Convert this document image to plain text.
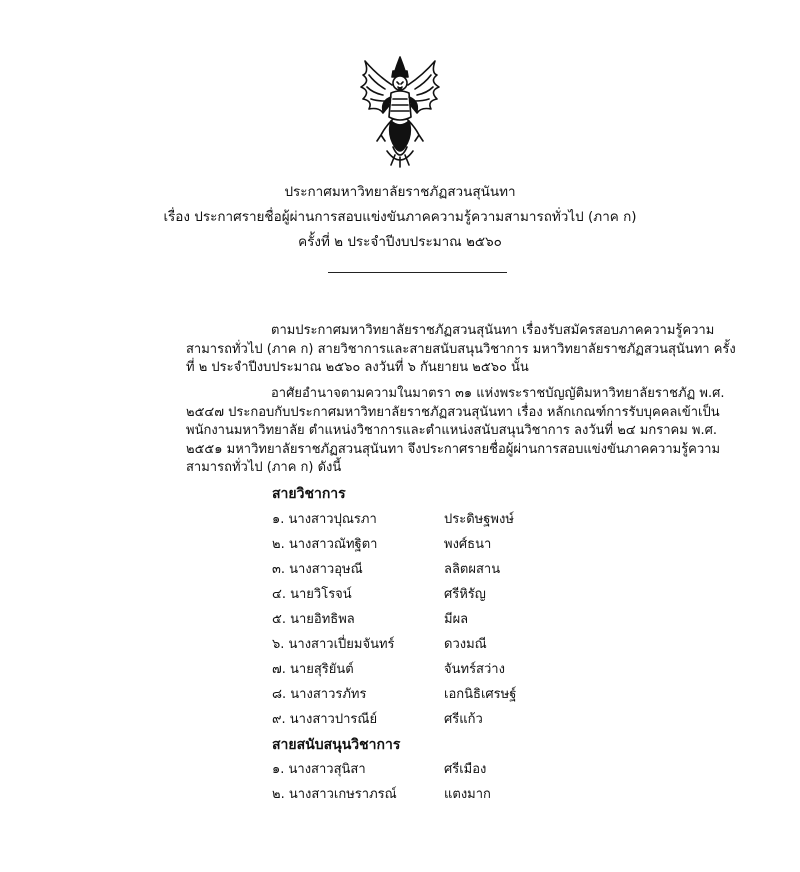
ประกาศมหาวิทยาลัยราชภัฏสวนสุนันทา
เรื่อง ประกาศรายชื่อผู้ผ่านการสอบแข่งขันภาคความรู้ความสามารถทั่วไป (ภาค ก)
ครั้งที่ ๒ ประจำปีงบประมาณ ๒๕๖๐
ตามประกาศมหาวิทยาลัยราชภัฏสวนสุนันทา เรื่องรับสมัครสอบภาคความรู้ความ
สามารถทั่วไป (ภาค ก) สายวิชาการและสายสนับสนุนวิชาการ มหาวิทยาลัยราชภัฏสวนสุนันทา ครั้ง
ที่ ๒ ประจำปีงบประมาณ ๒๕๖๐ ลงวันที่ ๖ กันยายน ๒๕๖๐ นั้น
อาศัยอำนาจตามความในมาตรา ๓๑ แห่งพระราชบัญญัติมหาวิทยาลัยราชภัฏ พ.ศ.
๒๕๔๗ ประกอบกับประกาศมหาวิทยาลัยราชภัฏสวนสุนันทา เรื่อง หลักเกณฑ์การรับบุคคลเข้าเป็น
พนักงานมหาวิทยาลัย ตำแหน่งวิชาการและตำแหน่งสนับสนุนวิชาการ ลงวันที่ ๒๔ มกราคม พ.ศ.
๒๕๕๑ มหาวิทยาลัยราชภัฏสวนสุนันทา จึงประกาศรายชื่อผู้ผ่านการสอบแข่งขันภาคความรู้ความ
สามารถทั่วไป (ภาค ก) ดังนี้
สายวิชาการ
๑. นางสาวปุณรภา	ประดิษฐพงษ์
๒. นางสาวณัทฐิตา	พงศ์ธนา
๓. นางสาวอุษณี	ลลิตผสาน
๔. นายวิโรจน์	ศรีหิรัญ
๕. นายอิทธิพล	มีผล
๖. นางสาวเปี่ยมจันทร์	ดวงมณี
๗. นายสุริยันต์	จันทร์สว่าง
๘. นางสาวรภัทร	เอกนิธิเศรษฐ์
๙. นางสาวปารณีย์	ศรีแก้ว
สายสนับสนุนวิชาการ
๑. นางสาวสุนิสา	ศรีเมือง
๒. นางสาวเกษราภรณ์	แตงมาก
